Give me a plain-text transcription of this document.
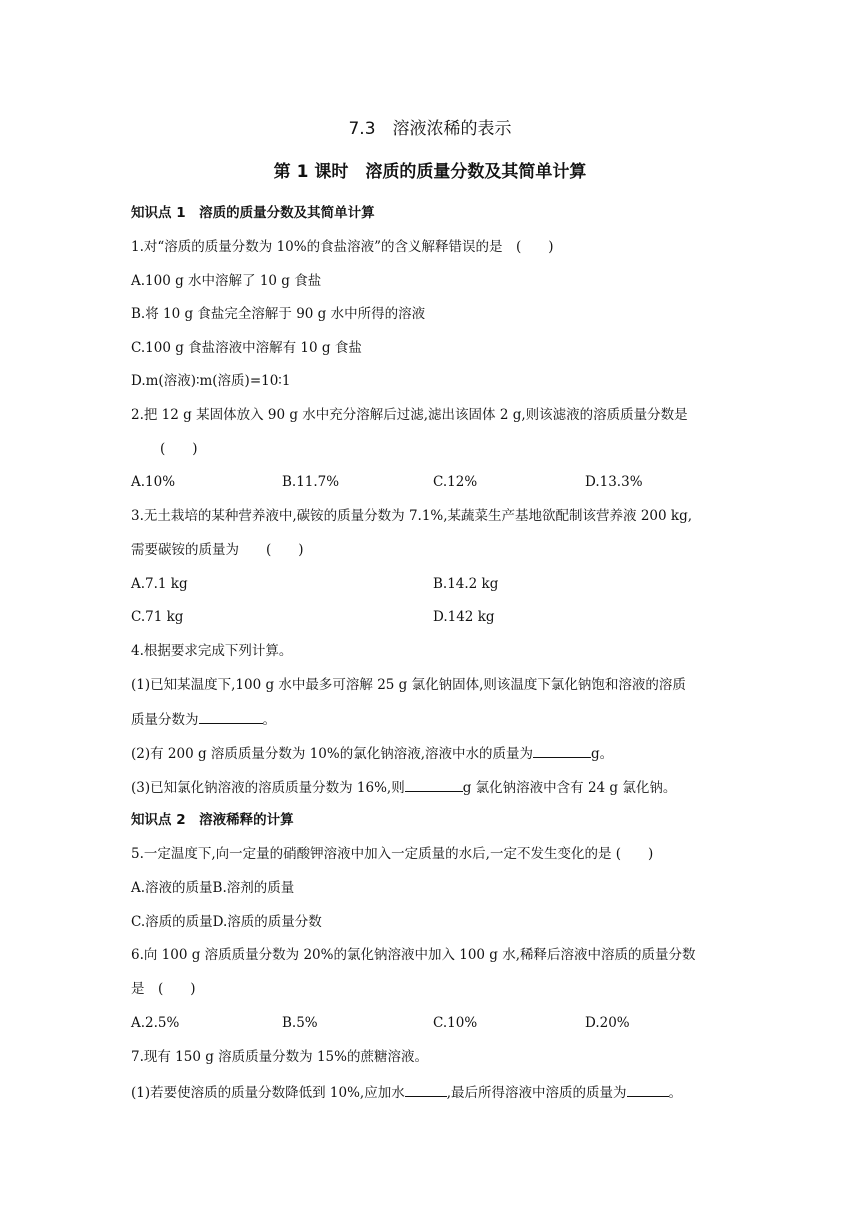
7.3　溶液浓稀的表示
第 1 课时　溶质的质量分数及其简单计算
知识点 1　溶质的质量分数及其简单计算
1.对“溶质的质量分数为 10%的食盐溶液”的含义解释错误的是　(　　)
A.100 g 水中溶解了 10 g 食盐
B.将 10 g 食盐完全溶解于 90 g 水中所得的溶液
C.100 g 食盐溶液中溶解有 10 g 食盐
D.m(溶液)∶m(溶质)=10∶1
2.把 12 g 某固体放入 90 g 水中充分溶解后过滤,滤出该固体 2 g,则该滤液的溶质质量分数是
(　　)
A.10%	B.11.7%	C.12%	D.13.3%
3.无土栽培的某种营养液中,碳铵的质量分数为 7.1%,某蔬菜生产基地欲配制该营养液 200 kg,
需要碳铵的质量为　　(　　)
A.7.1 kg	B.14.2 kg
C.71 kg	D.142 kg
4.根据要求完成下列计算。
(1)已知某温度下,100 g 水中最多可溶解 25 g 氯化钠固体,则该温度下氯化钠饱和溶液的溶质
质量分数为	。
(2)有 200 g 溶质质量分数为 10%的氯化钠溶液,溶液中水的质量为	g。
(3)已知氯化钠溶液的溶质质量分数为 16%,则	g 氯化钠溶液中含有 24 g 氯化钠。
知识点 2　溶液稀释的计算
5.一定温度下,向一定量的硝酸钾溶液中加入一定质量的水后,一定不发生变化的是 (　　)
A.溶液的质量B.溶剂的质量
C.溶质的质量D.溶质的质量分数
6.向 100 g 溶质质量分数为 20%的氯化钠溶液中加入 100 g 水,稀释后溶液中溶质的质量分数
是　(　　)
A.2.5%	B.5%	C.10%	D.20%
7.现有 150 g 溶质质量分数为 15%的蔗糖溶液。
(1)若要使溶质的质量分数降低到 10%,应加水	,最后所得溶液中溶质的质量为	。
